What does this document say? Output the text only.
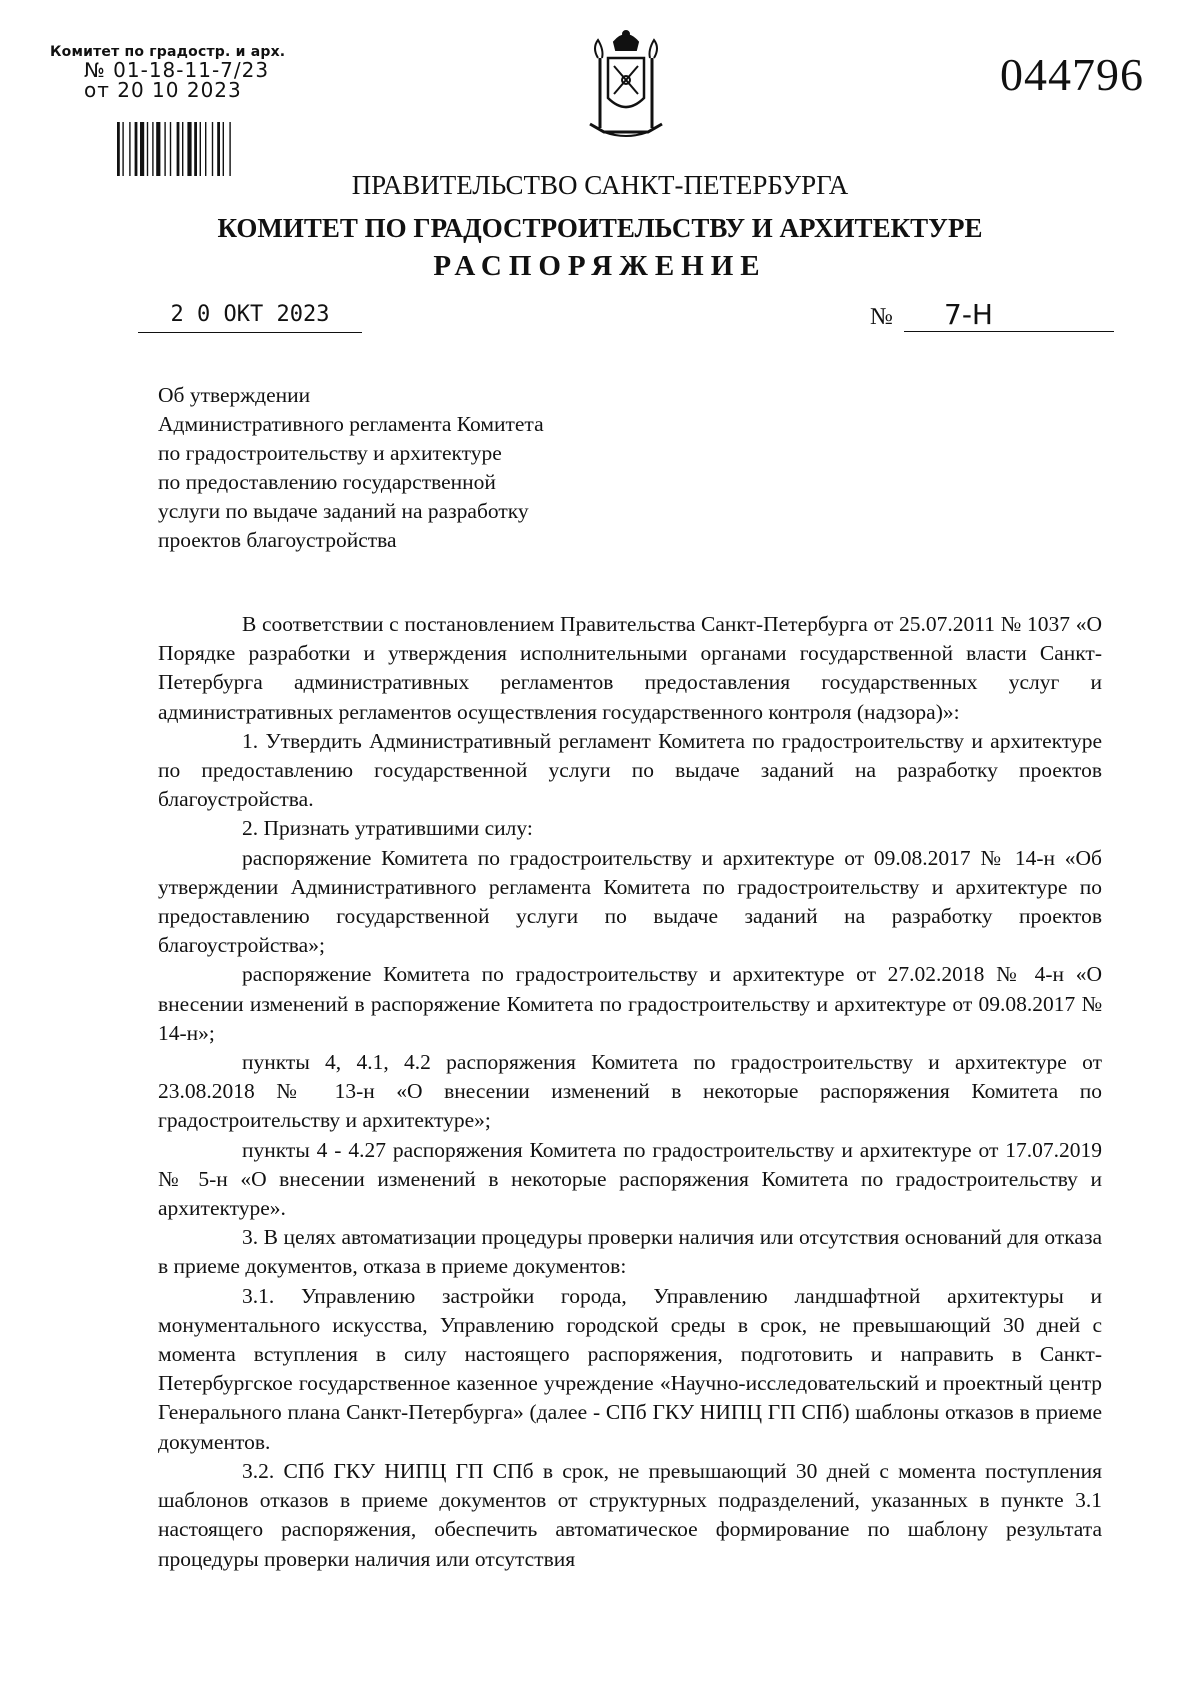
Комитет по градостр. и арх.
№ 01-18-11-7/23
от 20 10 2023	044796
ПРАВИТЕЛЬСТВО САНКТ-ПЕТЕРБУРГА
КОМИТЕТ ПО ГРАДОСТРОИТЕЛЬСТВУ И АРХИТЕКТУРЕ
РАСПОРЯЖЕНИЕ
2 0 ОКТ 2023	№	7-Н
Об утверждении
Административного регламента Комитета
по градостроительству и архитектуре
по предоставлению государственной
услуги по выдаче заданий на разработку
проектов благоустройства

В соответствии с постановлением Правительства Санкт-Петербурга от 25.07.2011 № 1037 «О Порядке разработки и утверждения исполнительными органами государственной власти Санкт-Петербурга административных регламентов предоставления государственных услуг и административных регламентов осуществления государственного контроля (надзора)»:

1. Утвердить Административный регламент Комитета по градостроительству и архитектуре по предоставлению государственной услуги по выдаче заданий на разработку проектов благоустройства.

2. Признать утратившими силу:

распоряжение Комитета по градостроительству и архитектуре от 09.08.2017 № 14-н «Об утверждении Административного регламента Комитета по градостроительству и архитектуре по предоставлению государственной услуги по выдаче заданий на разработку проектов благоустройства»;

распоряжение Комитета по градостроительству и архитектуре от 27.02.2018 № 4-н «О внесении изменений в распоряжение Комитета по градостроительству и архитектуре от 09.08.2017 № 14-н»;

пункты 4, 4.1, 4.2 распоряжения Комитета по градостроительству и архитектуре от 23.08.2018 № 13-н «О внесении изменений в некоторые распоряжения Комитета по градостроительству и архитектуре»;

пункты 4 - 4.27 распоряжения Комитета по градостроительству и архитектуре от 17.07.2019 № 5-н «О внесении изменений в некоторые распоряжения Комитета по градостроительству и архитектуре».

3. В целях автоматизации процедуры проверки наличия или отсутствия оснований для отказа в приеме документов, отказа в приеме документов:

3.1. Управлению застройки города, Управлению ландшафтной архитектуры и монументального искусства, Управлению городской среды в срок, не превышающий 30 дней с момента вступления в силу настоящего распоряжения, подготовить и направить в Санкт-Петербургское государственное казенное учреждение «Научно-исследовательский и проектный центр Генерального плана Санкт-Петербурга» (далее - СПб ГКУ НИПЦ ГП СПб) шаблоны отказов в приеме документов.

3.2. СПб ГКУ НИПЦ ГП СПб в срок, не превышающий 30 дней с момента поступления шаблонов отказов в приеме документов от структурных подразделений, указанных в пункте 3.1 настоящего распоряжения, обеспечить автоматическое формирование по шаблону результата процедуры проверки наличия или отсутствия
